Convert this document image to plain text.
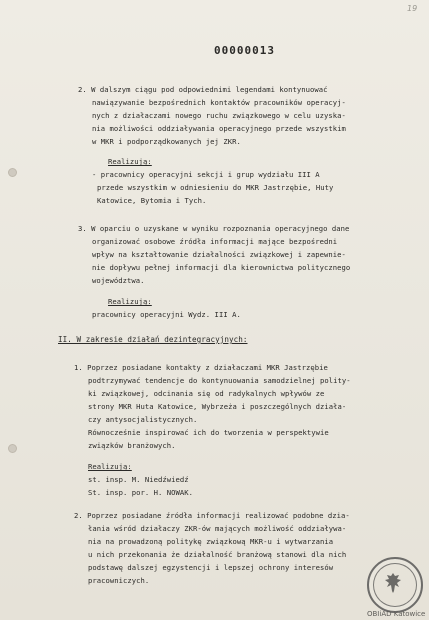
19
00000013
2. W dalszym ciągu pod odpowiednimi legendami kontynuować
nawiązywanie bezpośrednich kontaktów pracowników operacyj-
nych z działaczami nowego ruchu związkowego w celu uzyska-
nia możliwości oddziaływania operacyjnego przede wszystkim
w MKR i podporządkowanych jej ZKR.
Realizują:
- pracownicy operacyjni sekcji i grup wydziału III A
przede wszystkim w odniesieniu do MKR Jastrzębie, Huty
Katowice, Bytomia i Tych.
3. W oparciu o uzyskane w wyniku rozpoznania operacyjnego dane
organizować osobowe źródła informacji mające bezpośredni
wpływ na kształtowanie działalności związkowej i zapewnie-
nie dopływu pełnej informacji dla kierownictwa politycznego
województwa.
Realizują:
pracownicy operacyjni Wydz. III A.
II. W zakresie działań dezintegracyjnych:
1. Poprzez posiadane kontakty z działaczami MKR Jastrzębie
podtrzymywać tendencje do kontynuowania samodzielnej polity-
ki związkowej, odcinania się od radykalnych wpływów ze
strony MKR Huta Katowice, Wybrzeża i poszczególnych działa-
czy antysocjalistycznych.
Równocześnie inspirować ich do tworzenia w perspektywie
związków branżowych.
Realizują:
st. insp. M. Niedźwiedź
St. insp. por. H. NOWAK.
2. Poprzez posiadane źródła informacji realizować podobne dzia-
łania wśród działaczy ZKR-ów mających możliwość oddziaływa-
nia na prowadzoną politykę związkową MKR-u i wytwarzania
u nich przekonania że działalność branżową stanowi dla nich
podstawę dalszej egzystencji i lepszej ochrony interesów
pracowniczych.
OBIiAD Katowice
